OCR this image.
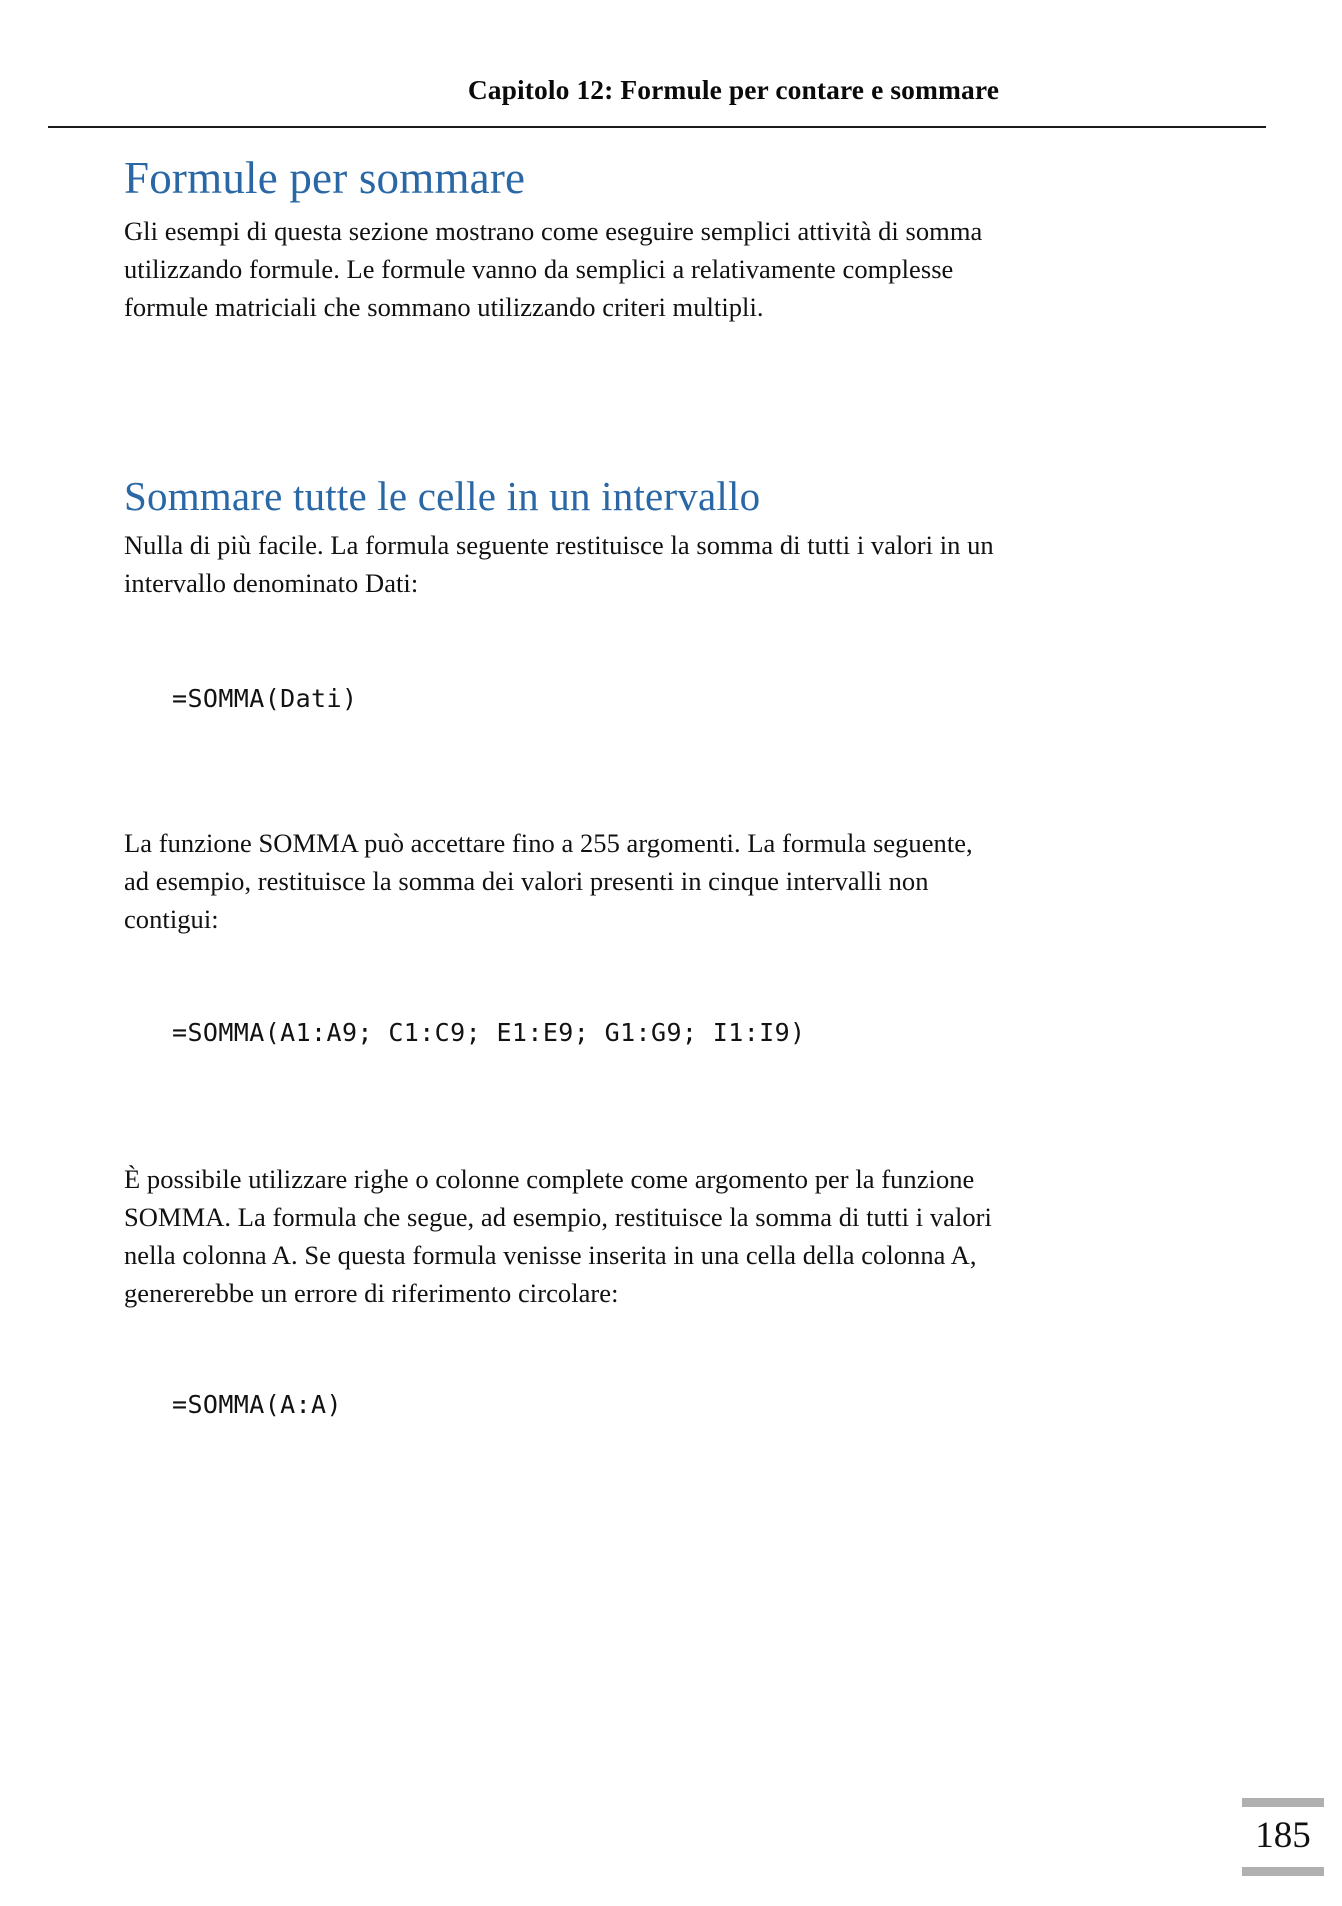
Capitolo 12: Formule per contare e sommare
Formule per sommare

Gli esempi di questa sezione mostrano come eseguire semplici attività di somma utilizzando formule. Le formule vanno da semplici a relativamente complesse formule matriciali che sommano utilizzando criteri multipli.

Sommare tutte le celle in un intervallo

Nulla di più facile. La formula seguente restituisce la somma di tutti i valori in un intervallo denominato Dati:

=SOMMA(Dati)

La funzione SOMMA può accettare fino a 255 argomenti. La formula seguente, ad esempio, restituisce la somma dei valori presenti in cinque intervalli non contigui:

=SOMMA(A1:A9; C1:C9; E1:E9; G1:G9; I1:I9)

È possibile utilizzare righe o colonne complete come argomento per la funzione SOMMA. La formula che segue, ad esempio, restituisce la somma di tutti i valori nella colonna A. Se questa formula venisse inserita in una cella della colonna A, genererebbe un errore di riferimento circolare:

=SOMMA(A:A)
185
